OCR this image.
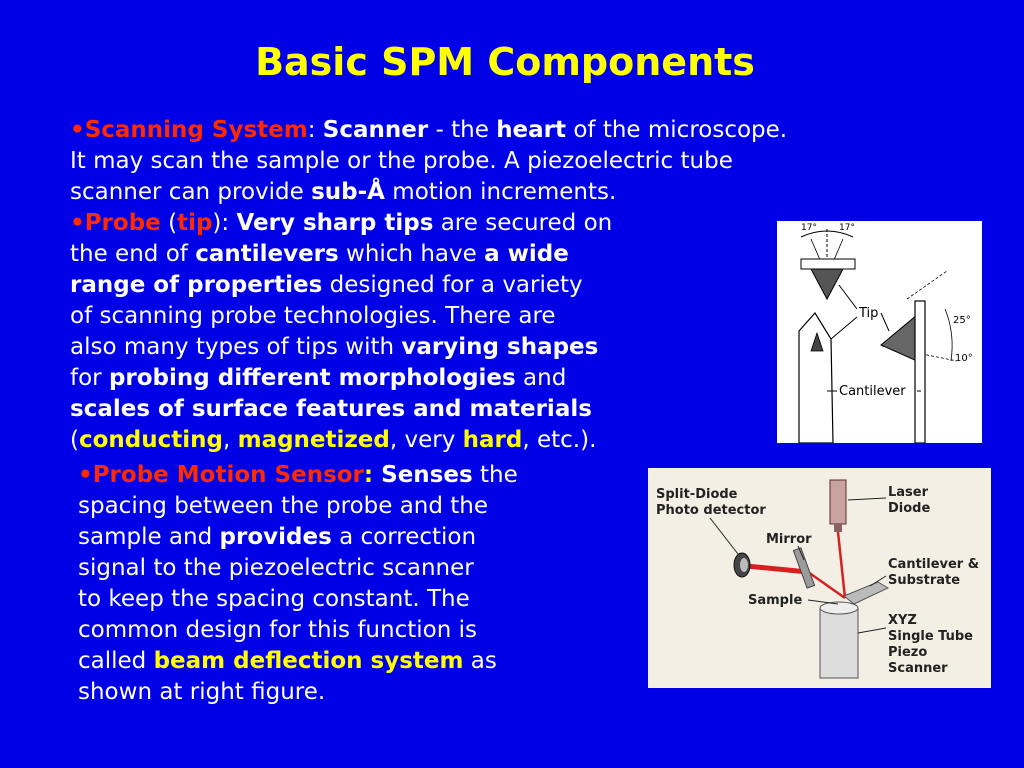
Basic SPM Components
•Scanning System: Scanner - the heart of the microscope.
It may scan the sample or the probe. A piezoelectric tube
scanner can provide sub-Å motion increments.
•Probe (tip): Very sharp tips are secured on
the end of cantilevers which have a wide
range of properties designed for a variety
of scanning probe technologies. There are
also many types of tips with varying shapes
for probing different morphologies and
scales of surface features and materials
(conducting, magnetized, very hard, etc.).
•Probe Motion Sensor: Senses the
spacing between the probe and the
sample and provides a correction
signal to the piezoelectric scanner
to keep the spacing constant. The
common design for this function is
called beam deflection system as
shown at right figure.
17° 17°
25°
10°
Tip
Cantilever
Split-Diode
Photo detector
Laser
Diode
Mirror
Cantilever &
Substrate
Sample
XYZ
Single Tube
Piezo
Scanner
